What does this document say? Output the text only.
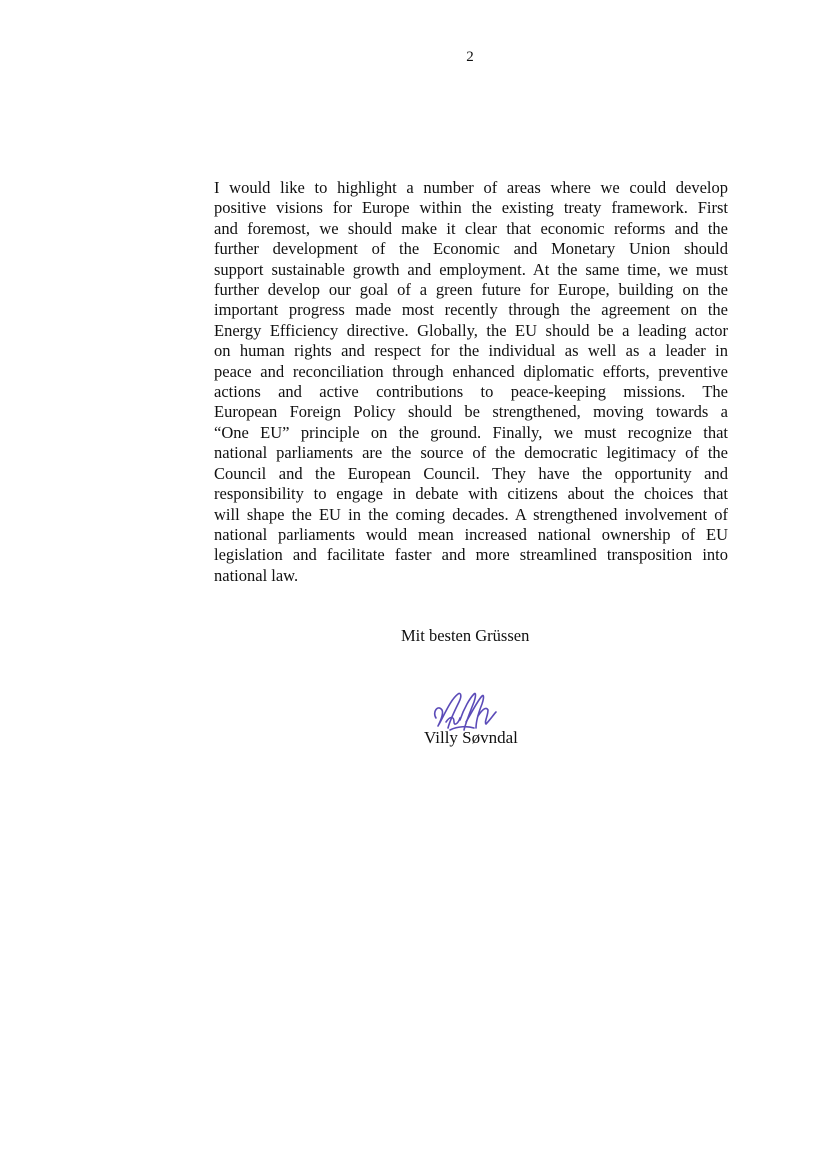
2
I would like to highlight a number of areas where we could develop
positive visions for Europe within the existing treaty framework. First
and foremost, we should make it clear that economic reforms and the
further development of the Economic and Monetary Union should
support sustainable growth and employment. At the same time, we must
further develop our goal of a green future for Europe, building on the
important progress made most recently through the agreement on the
Energy Efficiency directive. Globally, the EU should be a leading actor
on human rights and respect for the individual as well as a leader in
peace and reconciliation through enhanced diplomatic efforts, preventive
actions and active contributions to peace-keeping missions. The
European Foreign Policy should be strengthened, moving towards a
“One EU” principle on the ground. Finally, we must recognize that
national parliaments are the source of the democratic legitimacy of the
Council and the European Council. They have the opportunity and
responsibility to engage in debate with citizens about the choices that
will shape the EU in the coming decades. A strengthened involvement of
national parliaments would mean increased national ownership of EU
legislation and facilitate faster and more streamlined transposition into
national law.
Mit besten Grüssen
Villy Søvndal
